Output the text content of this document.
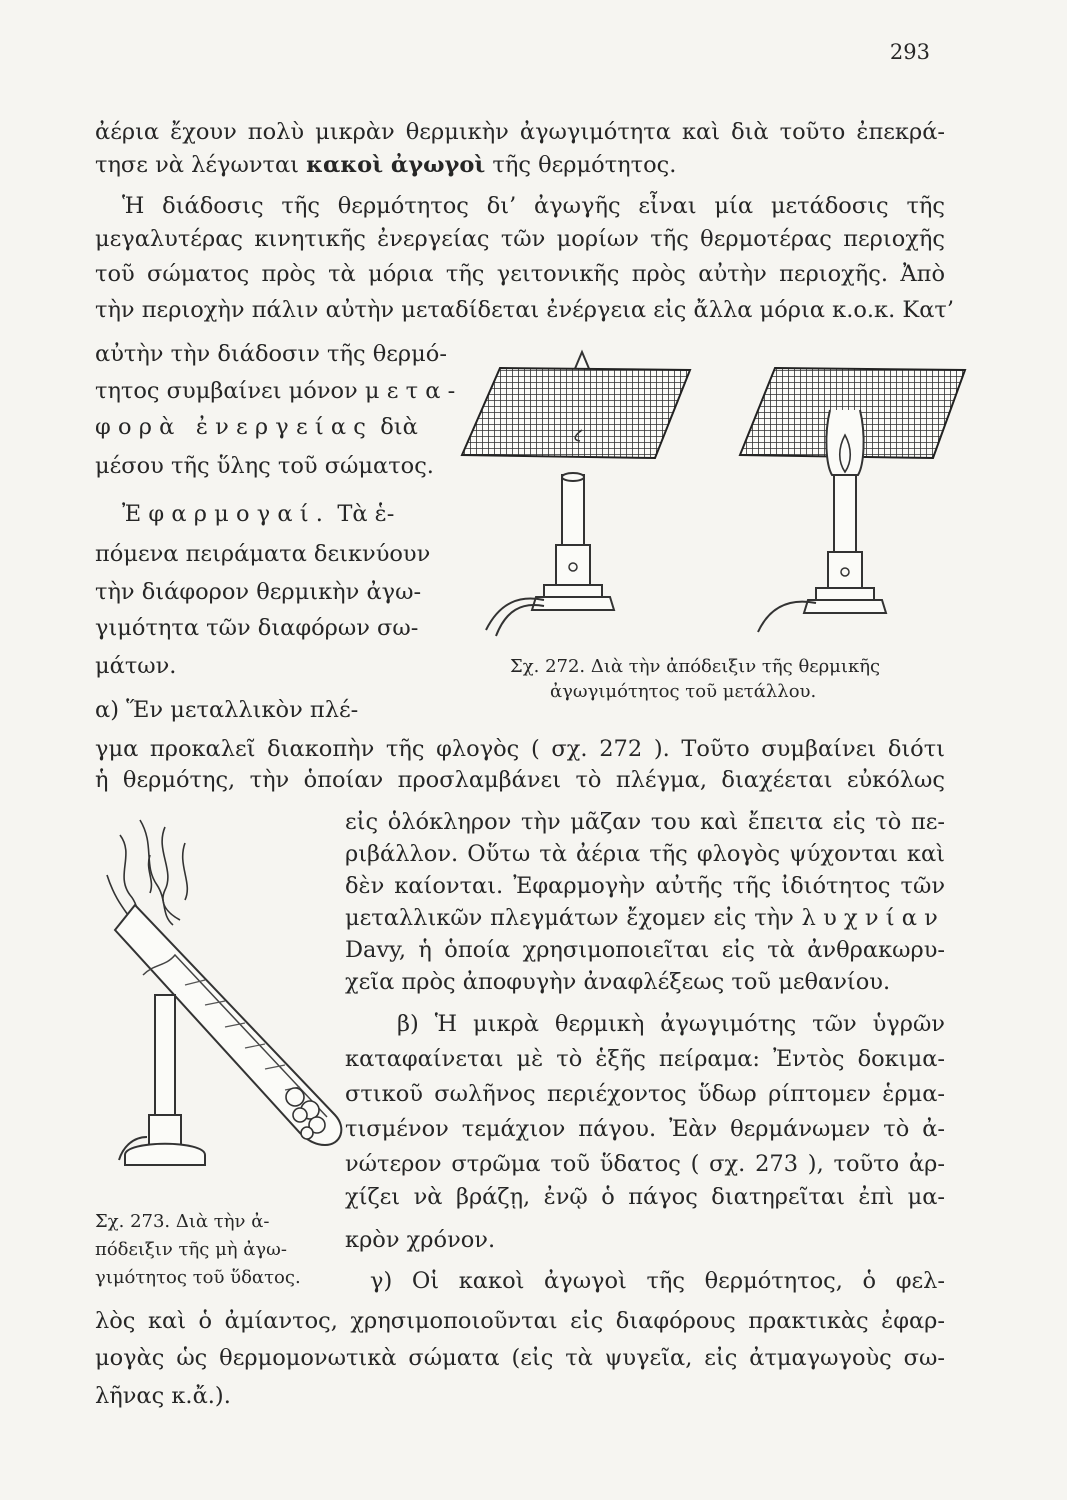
293
ἀέρια ἔχουν πολὺ μικρὰν θερμικὴν ἀγωγιμότητα καὶ διὰ τοῦτο ἐπεκρά-
τησε νὰ λέγωνται κακοὶ ἀγωγοὶ τῆς θερμότητος.
Ἡ διάδοσις τῆς θερμότητος δι’ ἀγωγῆς εἶναι μία μετάδοσις τῆς
μεγαλυτέρας κινητικῆς ἐνεργείας τῶν μορίων τῆς θερμοτέρας περιοχῆς
τοῦ σώματος πρὸς τὰ μόρια τῆς γειτονικῆς πρὸς αὐτὴν περιοχῆς. Ἀπὸ
τὴν περιοχὴν πάλιν αὐτὴν μεταδίδεται ἐνέργεια εἰς ἄλλα μόρια κ.ο.κ. Κατ’
αὐτὴν τὴν διάδοσιν τῆς θερμό-
τητος συμβαίνει μόνον μετα-
φορὰ ἐνεργείας διὰ
μέσου τῆς ὕλης τοῦ σώματος.
Ἐφαρμογαί. Τὰ ἑ-
πόμενα πειράματα δεικνύουν
τὴν διάφορον θερμικὴν ἀγω-
γιμότητα τῶν διαφόρων σω-
μάτων.	Σχ. 272. Διὰ τὴν ἀπόδειξιν τῆς θερμικῆς
ἀγωγιμότητος τοῦ μετάλλου.
α) Ἕν μεταλλικὸν πλέ-
γμα προκαλεῖ διακοπὴν τῆς φλογὸς ( σχ. 272 ). Τοῦτο συμβαίνει διότι
ἡ θερμότης, τὴν ὁποίαν προσλαμβάνει τὸ πλέγμα, διαχέεται εὐκόλως
εἰς ὁλόκληρον τὴν μᾶζαν του καὶ ἔπειτα εἰς τὸ πε-
ριβάλλον. Οὕτω τὰ ἀέρια τῆς φλογὸς ψύχονται καὶ
δὲν καίονται. Ἐφαρμογὴν αὐτῆς τῆς ἰδιότητος τῶν
μεταλλικῶν πλεγμάτων ἔχομεν εἰς τὴν λυχνίαν
Davy, ἡ ὁποία χρησιμοποιεῖται εἰς τὰ ἀνθρακωρυ-
χεῖα πρὸς ἀποφυγὴν ἀναφλέξεως τοῦ μεθανίου.
β) Ἡ μικρὰ θερμικὴ ἀγωγιμότης τῶν ὑγρῶν
καταφαίνεται μὲ τὸ ἑξῆς πείραμα: Ἐντὸς δοκιμα-
στικοῦ σωλῆνος περιέχοντος ὕδωρ ρίπτομεν ἑρμα-
τισμένον τεμάχιον πάγου. Ἐὰν θερμάνωμεν τὸ ἀ-
νώτερον στρῶμα τοῦ ὕδατος ( σχ. 273 ), τοῦτο ἀρ-
χίζει νὰ βράζῃ, ἐνῷ ὁ πάγος διατηρεῖται ἐπὶ μα-
κρὸν χρόνον.
Σχ. 273. Διὰ τὴν ἀ-
πόδειξιν τῆς μὴ ἀγω-
γιμότητος τοῦ ὕδατος.	γ) Οἱ κακοὶ ἀγωγοὶ τῆς θερμότητος, ὁ φελ-
λὸς καὶ ὁ ἀμίαντος, χρησιμοποιοῦνται εἰς διαφόρους πρακτικὰς ἐφαρ-
μογὰς ὡς θερμομονωτικὰ σώματα (εἰς τὰ ψυγεῖα, εἰς ἀτμαγωγοὺς σω-
λῆνας κ.ἄ.).
